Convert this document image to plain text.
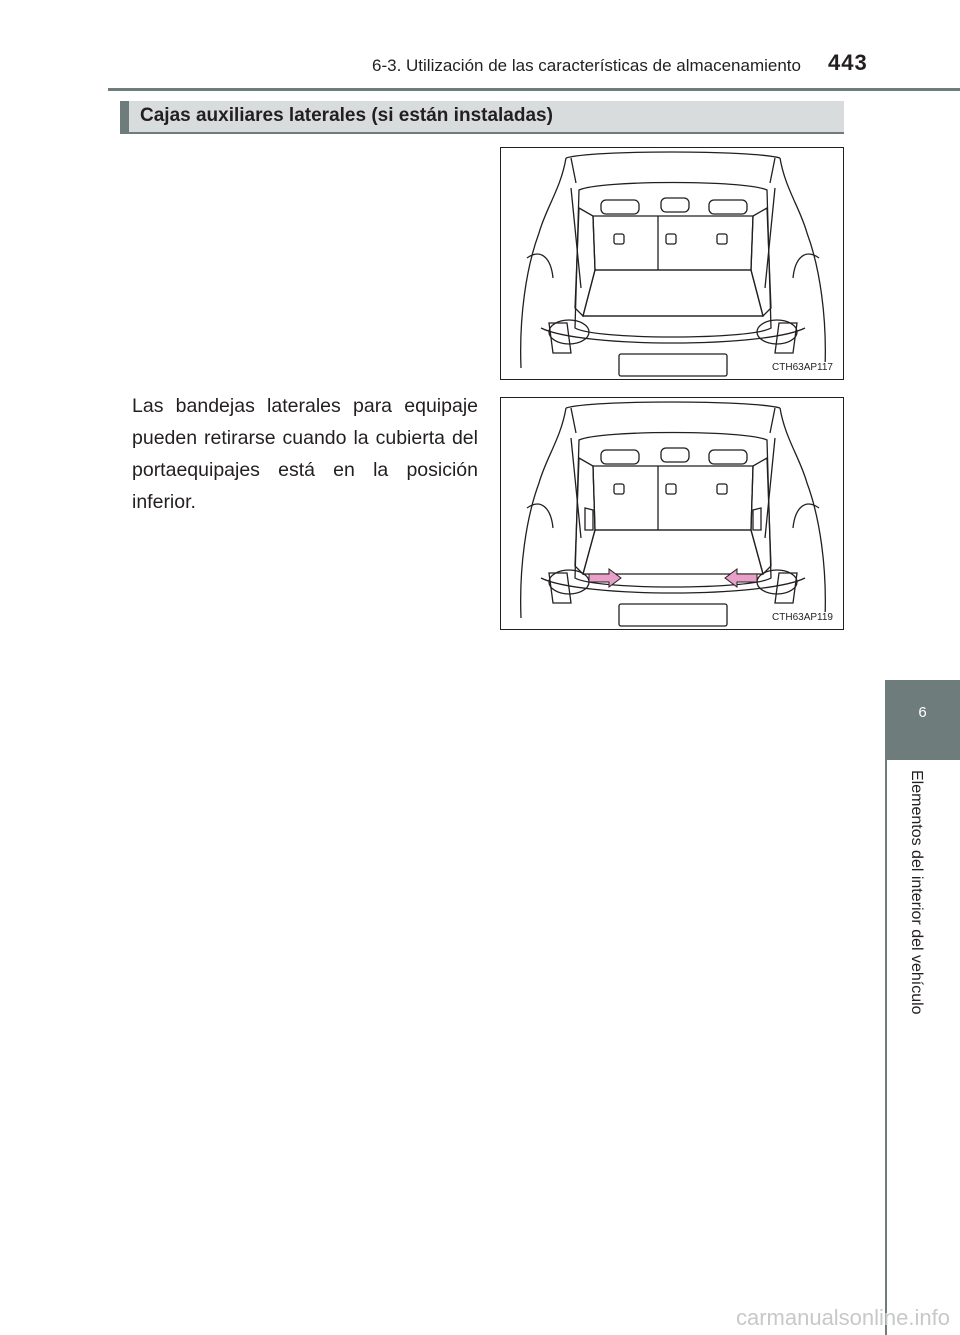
6-3. Utilización de las características de almacenamiento 443
Cajas auxiliares laterales (si están instaladas)
CTH63AP117
CTH63AP119
Las bandejas laterales para equipaje pueden retirarse cuando la cubierta del portaequipajes está en la posición inferior.
6
Elementos del interior del vehículo
carmanualsonline.info
